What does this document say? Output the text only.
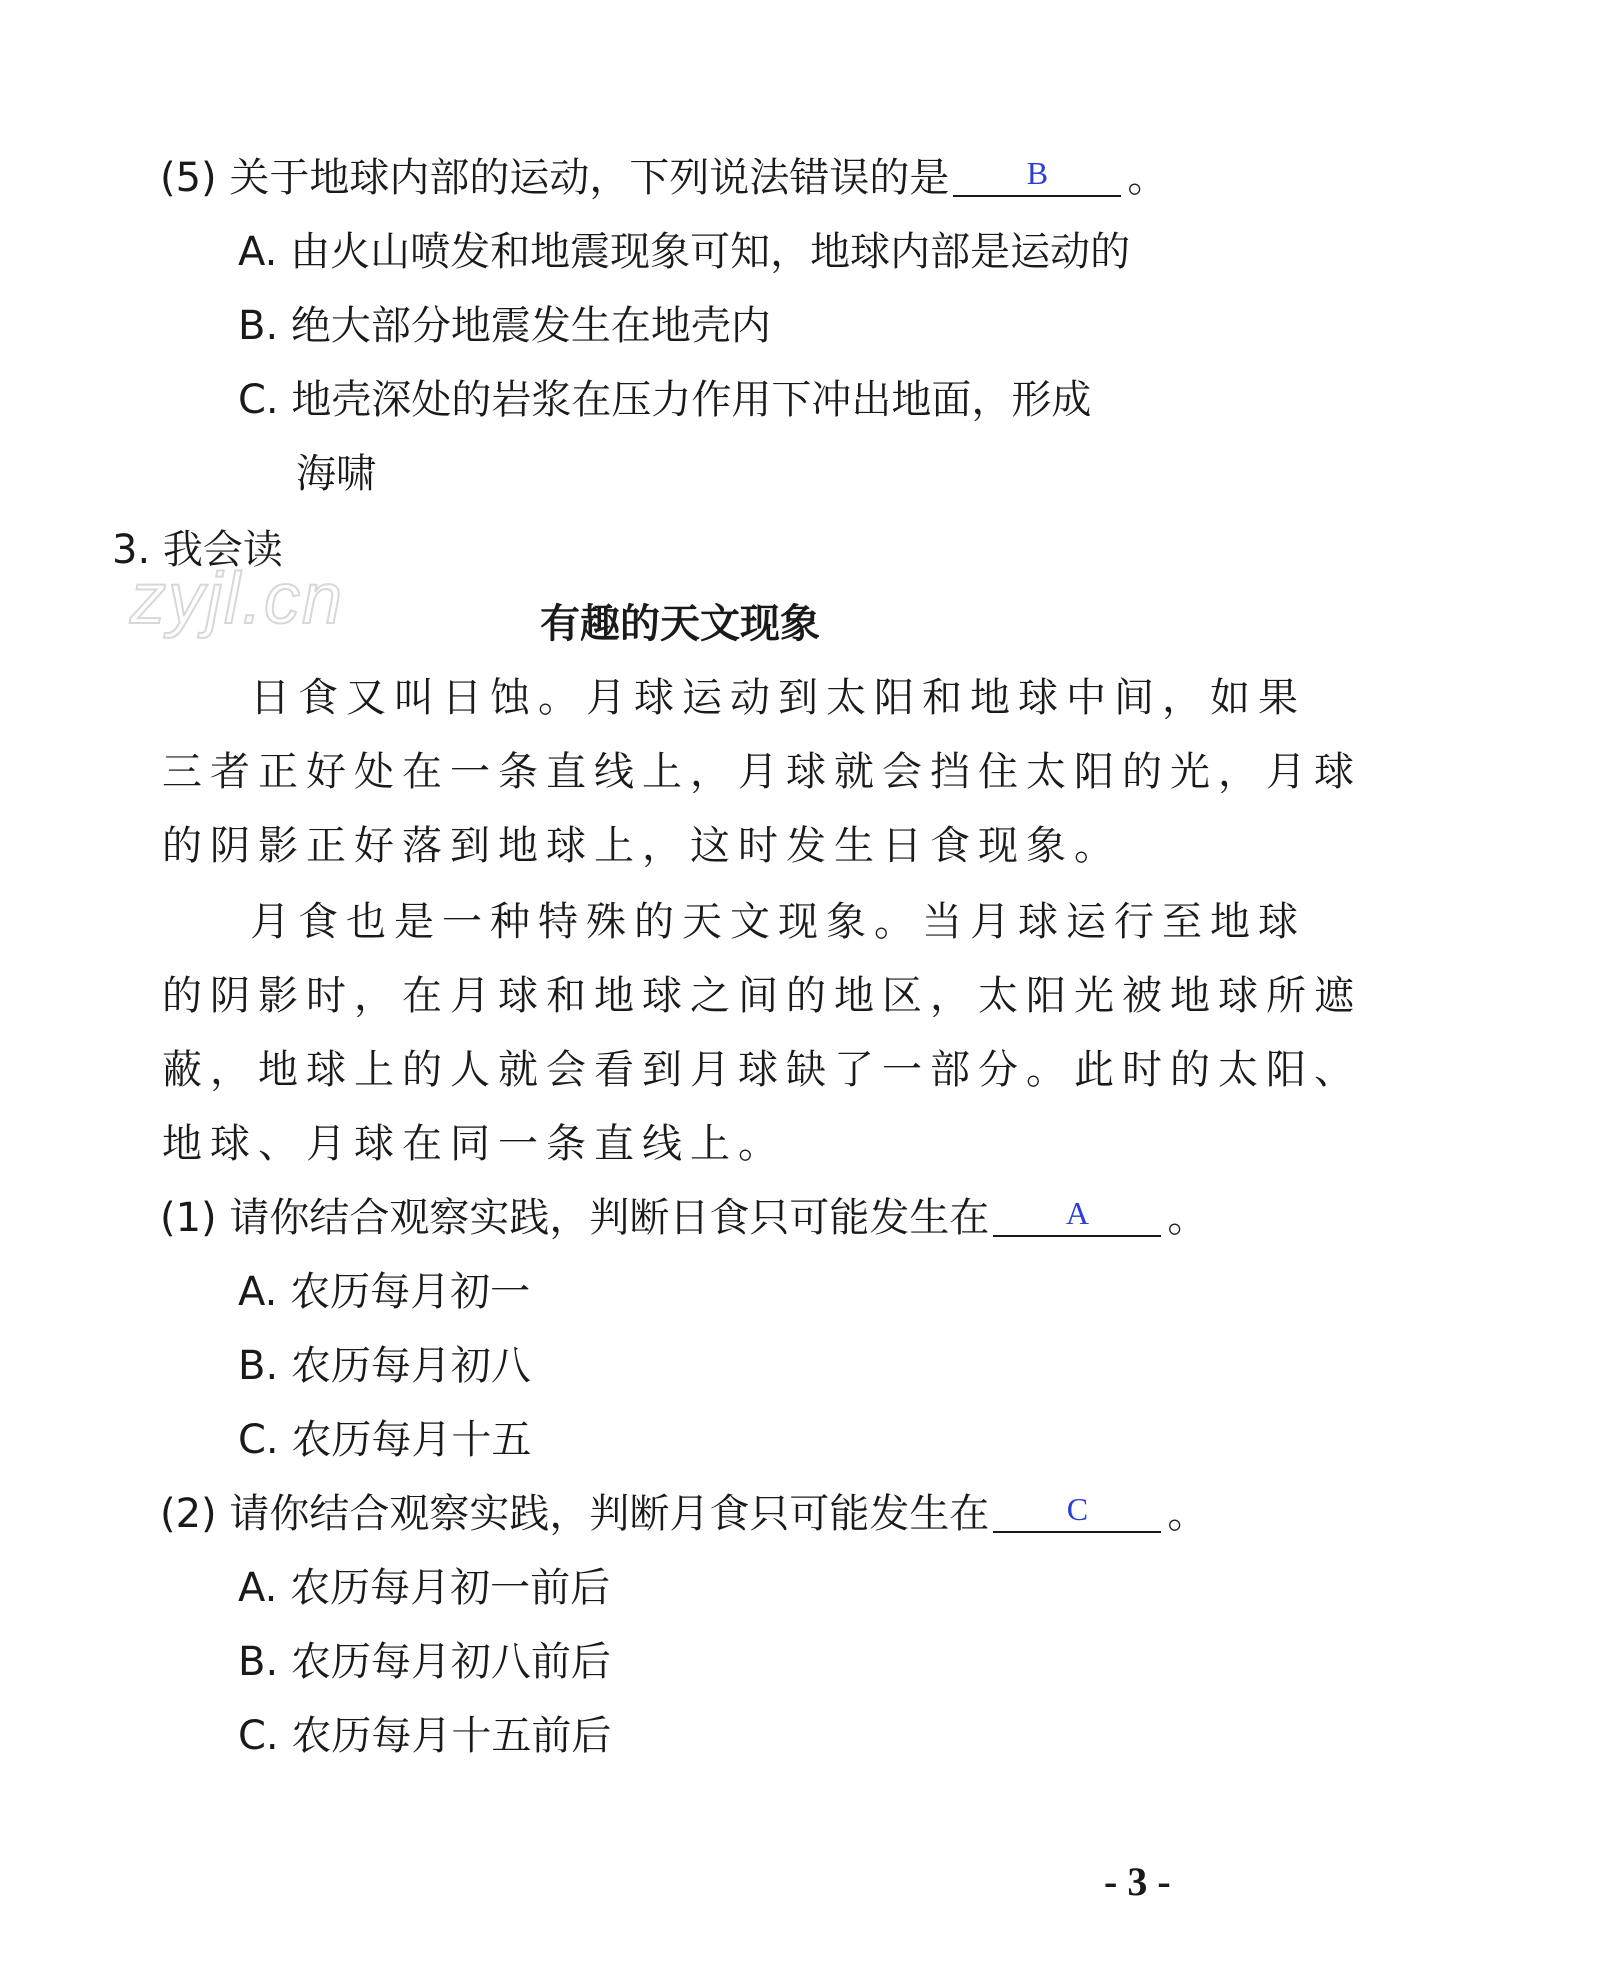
(5) 关于地球内部的运动，下列说法错误的是	B	。
A. 由火山喷发和地震现象可知，地球内部是运动的
B. 绝大部分地震发生在地壳内
C. 地壳深处的岩浆在压力作用下冲出地面，形成
海啸
3. 我会读
zyjl.cn	有趣的天文现象
日食又叫日蚀。月球运动到太阳和地球中间，如果
三者正好处在一条直线上，月球就会挡住太阳的光，月球
的阴影正好落到地球上，这时发生日食现象。
月食也是一种特殊的天文现象。当月球运行至地球
的阴影时，在月球和地球之间的地区，太阳光被地球所遮
蔽，地球上的人就会看到月球缺了一部分。此时的太阳、
地球、月球在同一条直线上。
(1) 请你结合观察实践，判断日食只可能发生在	A	。
A. 农历每月初一
B. 农历每月初八
C. 农历每月十五
(2) 请你结合观察实践，判断月食只可能发生在	C	。
A. 农历每月初一前后
B. 农历每月初八前后
C. 农历每月十五前后
- 3 -
